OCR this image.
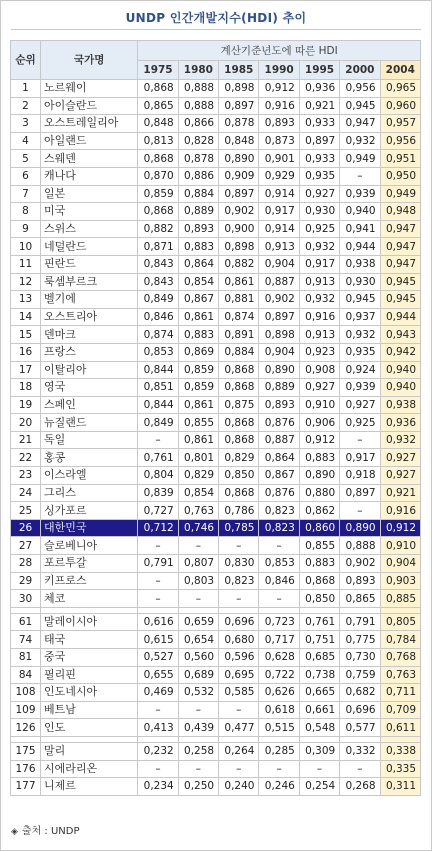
UNDP 인간개발지수(HDI) 추이
순위	국가명	계산기준년도에 따른 HDI						
		1975	1980	1985	1990	1995	2000	2004
1	노르웨이	0,868	0,888	0,898	0,912	0,936	0,956	0,965
2	아이슬란드	0,865	0,888	0,897	0,916	0,921	0,945	0,960
3	오스트레일리아	0,848	0,866	0,878	0,893	0,933	0,947	0,957
4	아일랜드	0,813	0,828	0,848	0,873	0,897	0,932	0,956
5	스웨덴	0,868	0,878	0,890	0,901	0,933	0,949	0,951
6	캐나다	0,870	0,886	0,909	0,929	0,935	–	0,950
7	일본	0,859	0,884	0,897	0,914	0,927	0,939	0,949
8	미국	0,868	0,889	0,902	0,917	0,930	0,940	0,948
9	스위스	0,882	0,893	0,900	0,914	0,925	0,941	0,947
10	네덜란드	0,871	0,883	0,898	0,913	0,932	0,944	0,947
11	핀란드	0,843	0,864	0,882	0,904	0,917	0,938	0,947
12	룩셈부르크	0,843	0,854	0,861	0,887	0,913	0,930	0,945
13	벨기에	0,849	0,867	0,881	0,902	0,932	0,945	0,945
14	오스트리아	0,846	0,861	0,874	0,897	0,916	0,937	0,944
15	덴마크	0,874	0,883	0,891	0,898	0,913	0,932	0,943
16	프랑스	0,853	0,869	0,884	0,904	0,923	0,935	0,942
17	이탈리아	0,844	0,859	0,868	0,890	0,908	0,924	0,940
18	영국	0,851	0,859	0,868	0,889	0,927	0,939	0,940
19	스페인	0,844	0,861	0,875	0,893	0,910	0,927	0,938
20	뉴질랜드	0,849	0,855	0,868	0,876	0,906	0,925	0,936
21	독일	–	0,861	0,868	0,887	0,912	–	0,932
22	홍콩	0,761	0,801	0,829	0,864	0,883	0,917	0,927
23	이스라엘	0,804	0,829	0,850	0,867	0,890	0,918	0,927
24	그리스	0,839	0,854	0,868	0,876	0,880	0,897	0,921
25	싱가포르	0,727	0,763	0,786	0,823	0,862	–	0,916
26	대한민국	0,712	0,746	0,785	0,823	0,860	0,890	0,912
27	슬로베니아	–	–	–	–	0,855	0,888	0,910
28	포르투갈	0,791	0,807	0,830	0,853	0,883	0,902	0,904
29	키프로스	–	0,803	0,823	0,846	0,868	0,893	0,903
30	체코	–	–	–	–	0,850	0,865	0,885

61	말레이시아	0,616	0,659	0,696	0,723	0,761	0,791	0,805
74	태국	0,615	0,654	0,680	0,717	0,751	0,775	0,784
81	중국	0,527	0,560	0,596	0,628	0,685	0,730	0,768
84	필리핀	0,655	0,689	0,695	0,722	0,738	0,759	0,763
108	인도네시아	0,469	0,532	0,585	0,626	0,665	0,682	0,711
109	베트남	–	–	–	0,618	0,661	0,696	0,709
126	인도	0,413	0,439	0,477	0,515	0,548	0,577	0,611

175	말리	0,232	0,258	0,264	0,285	0,309	0,332	0,338
176	시에라리온	–	–	–	–	–	–	0,335
177	니제르	0,234	0,250	0,240	0,246	0,254	0,268	0,311
◈ 출처 : UNDP
